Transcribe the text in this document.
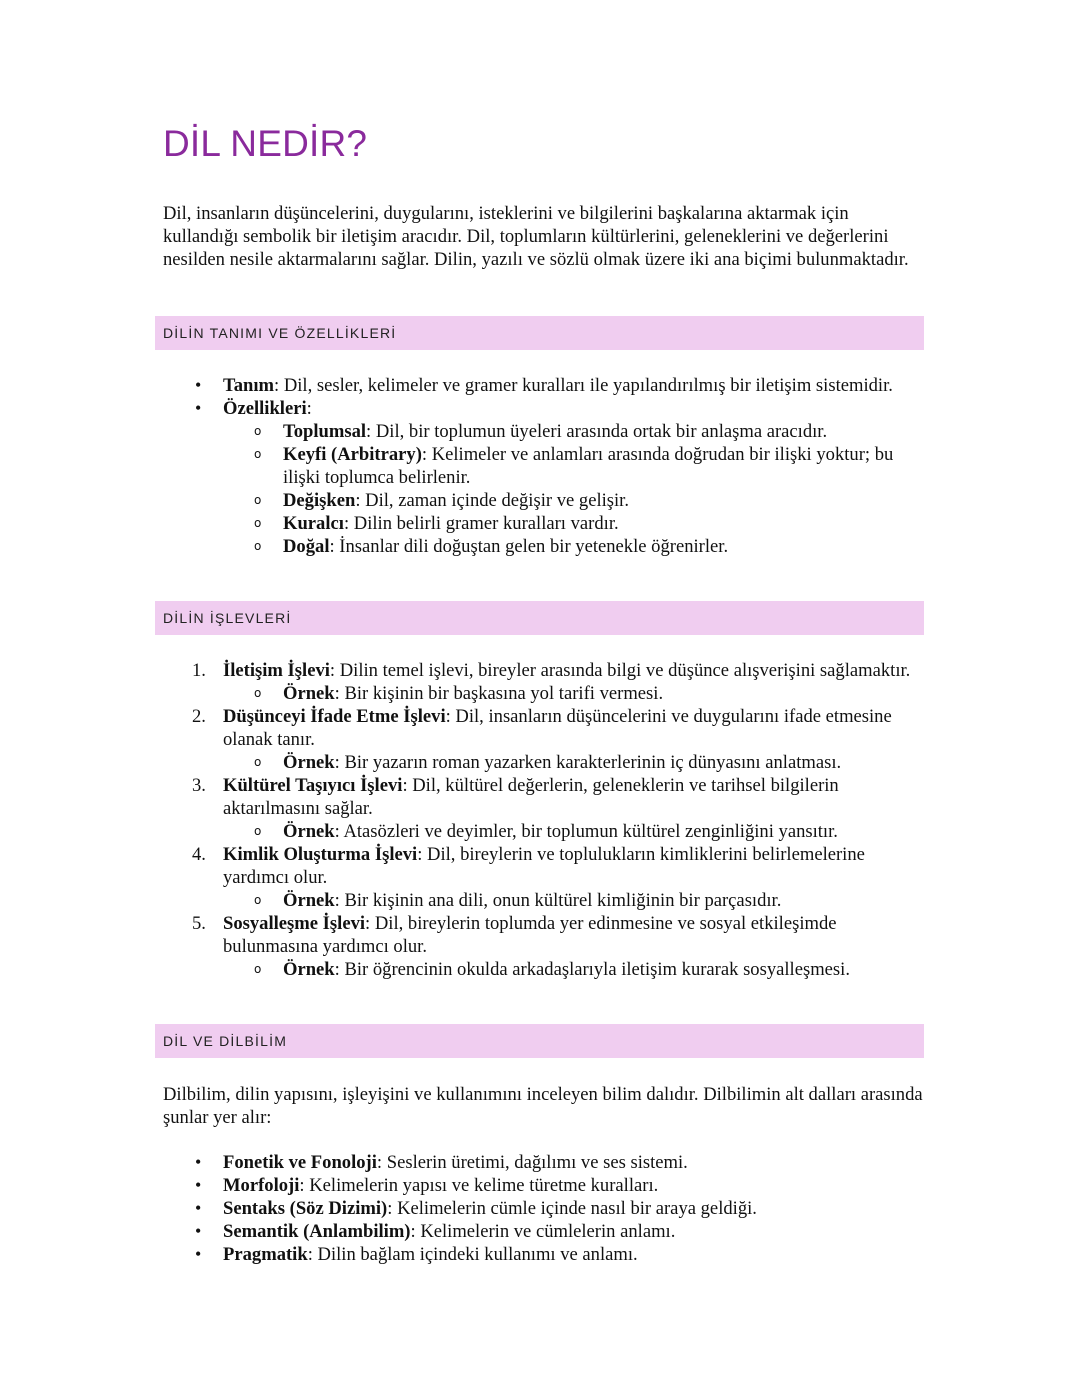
DİL NEDİR?

Dil, insanların düşüncelerini, duygularını, isteklerini ve bilgilerini başkalarına aktarmak için kullandığı sembolik bir iletişim aracıdır. Dil, toplumların kültürlerini, geleneklerini ve değerlerini nesilden nesile aktarmalarını sağlar. Dilin, yazılı ve sözlü olmak üzere iki ana biçimi bulunmaktadır.

DİLİN TANIMI VE ÖZELLİKLERİ
•	Tanım: Dil, sesler, kelimeler ve gramer kuralları ile yapılandırılmış bir iletişim sistemidir.
•	Özellikleri:
o Toplumsal: Dil, bir toplumun üyeleri arasında ortak bir anlaşma aracıdır.
o Keyfi (Arbitrary): Kelimeler ve anlamları arasında doğrudan bir ilişki yoktur; bu ilişki toplumca belirlenir.
o Değişken: Dil, zaman içinde değişir ve gelişir.
o Kuralcı: Dilin belirli gramer kuralları vardır.
o Doğal: İnsanlar dili doğuştan gelen bir yetenekle öğrenirler.
DİLİN İŞLEVLERİ
1. İletişim İşlevi: Dilin temel işlevi, bireyler arasında bilgi ve düşünce alışverişini sağlamaktır.
o Örnek: Bir kişinin bir başkasına yol tarifi vermesi.
2. Düşünceyi İfade Etme İşlevi: Dil, insanların düşüncelerini ve duygularını ifade etmesine olanak tanır.
o Örnek: Bir yazarın roman yazarken karakterlerinin iç dünyasını anlatması.
3. Kültürel Taşıyıcı İşlevi: Dil, kültürel değerlerin, geleneklerin ve tarihsel bilgilerin aktarılmasını sağlar.
o Örnek: Atasözleri ve deyimler, bir toplumun kültürel zenginliğini yansıtır.
4. Kimlik Oluşturma İşlevi: Dil, bireylerin ve toplulukların kimliklerini belirlemelerine yardımcı olur.
o Örnek: Bir kişinin ana dili, onun kültürel kimliğinin bir parçasıdır.
5. Sosyalleşme İşlevi: Dil, bireylerin toplumda yer edinmesine ve sosyal etkileşimde bulunmasına yardımcı olur.
o Örnek: Bir öğrencinin okulda arkadaşlarıyla iletişim kurarak sosyalleşmesi.
DİL VE DİLBİLİM

Dilbilim, dilin yapısını, işleyişini ve kullanımını inceleyen bilim dalıdır. Dilbilimin alt dalları arasında şunlar yer alır:

•	Fonetik ve Fonoloji: Seslerin üretimi, dağılımı ve ses sistemi.
•	Morfoloji: Kelimelerin yapısı ve kelime türetme kuralları.
•	Sentaks (Söz Dizimi): Kelimelerin cümle içinde nasıl bir araya geldiği.
•	Semantik (Anlambilim): Kelimelerin ve cümlelerin anlamı.
•	Pragmatik: Dilin bağlam içindeki kullanımı ve anlamı.
